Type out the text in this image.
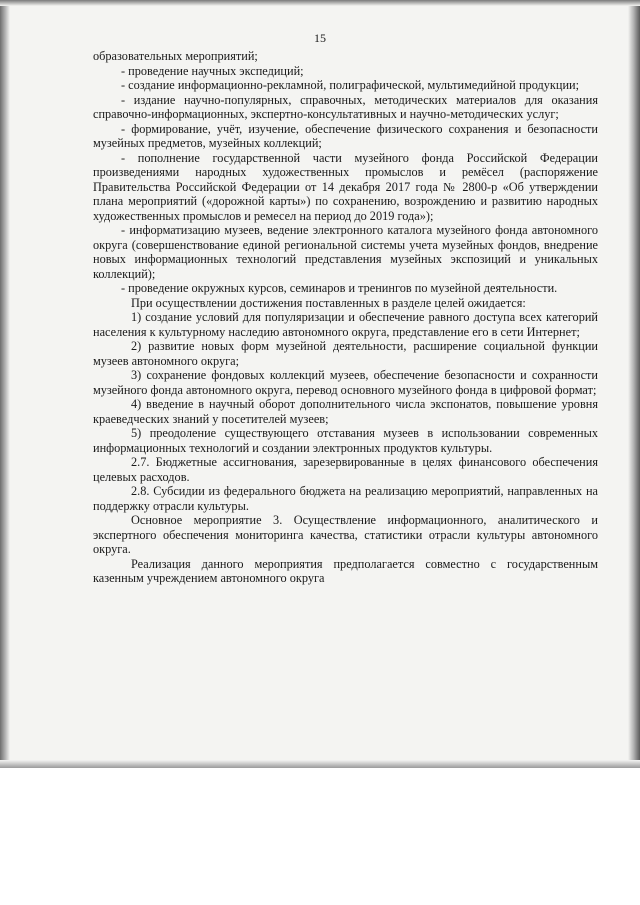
15

образовательных мероприятий;

- проведение научных экспедиций;

- создание информационно-рекламной, полиграфической, мультимедийной продукции;

- издание научно-популярных, справочных, методических материалов для оказания справочно-информационных, экспертно-консультативных и научно-методических услуг;

- формирование, учёт, изучение, обеспечение физического сохранения и безопасности музейных предметов, музейных коллекций;

- пополнение государственной части музейного фонда Российской Федерации произведениями народных художественных промыслов и ремёсел (распоряжение Правительства Российской Федерации от 14 декабря 2017 года № 2800-р «Об утверждении плана мероприятий («дорожной карты») по сохранению, возрождению и развитию народных художественных промыслов и ремесел на период до 2019 года»);

- информатизацию музеев, ведение электронного каталога музейного фонда автономного округа (совершенствование единой региональной системы учета музейных фондов, внедрение новых информационных технологий представления музейных экспозиций и уникальных коллекций);

- проведение окружных курсов, семинаров и тренингов по музейной деятельности.

При осуществлении достижения поставленных в разделе целей ожидается:

1) создание условий для популяризации и обеспечение равного доступа всех категорий населения к культурному наследию автономного округа, представление его в сети Интернет;

2) развитие новых форм музейной деятельности, расширение социальной функции музеев автономного округа;

3) сохранение фондовых коллекций музеев, обеспечение безопасности и сохранности музейного фонда автономного округа, перевод основного музейного фонда в цифровой формат;

4) введение в научный оборот дополнительного числа экспонатов, повышение уровня краеведческих знаний у посетителей музеев;

5) преодоление существующего отставания музеев в использовании современных информационных технологий и создании электронных продуктов культуры.

2.7. Бюджетные ассигнования, зарезервированные в целях финансового обеспечения целевых расходов.

2.8. Субсидии из федерального бюджета на реализацию мероприятий, направленных на поддержку отрасли культуры.

Основное мероприятие 3. Осуществление информационного, аналитического и экспертного обеспечения мониторинга качества, статистики отрасли культуры автономного округа.

Реализация данного мероприятия предполагается совместно с государственным казенным учреждением автономного округа
